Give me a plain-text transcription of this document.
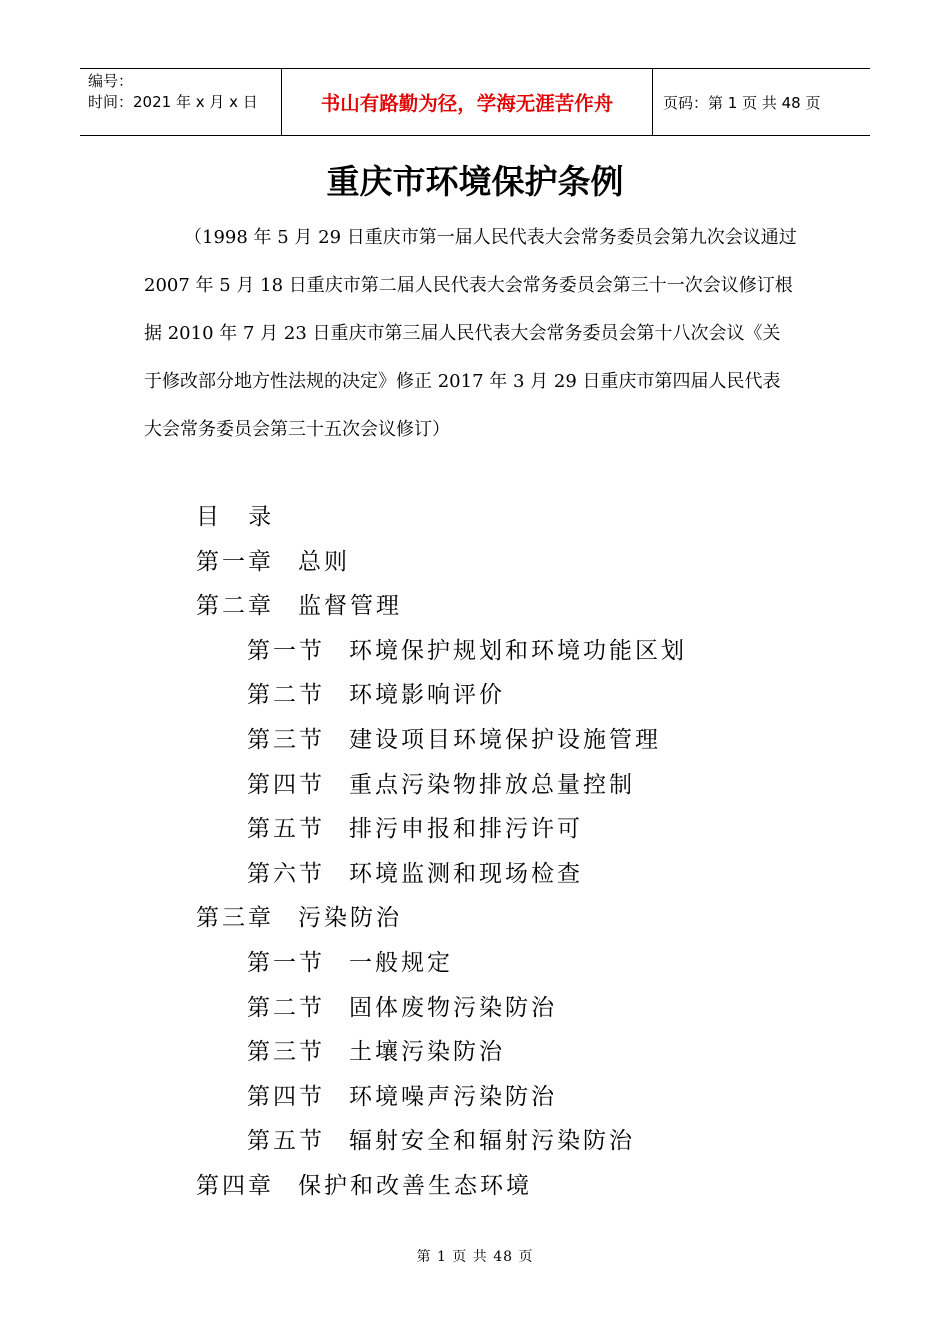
编号：
时间：2021 年 x 月 x 日	书山有路勤为径，学海无涯苦作舟	页码：第 1 页 共 48 页
重庆市环境保护条例
（1998 年 5 月 29 日重庆市第一届人民代表大会常务委员会第九次会议通过
2007 年 5 月 18 日重庆市第二届人民代表大会常务委员会第三十一次会议修订根
据 2010 年 7 月 23 日重庆市第三届人民代表大会常务委员会第十八次会议《关
于修改部分地方性法规的决定》修正 2017 年 3 月 29 日重庆市第四届人民代表
大会常务委员会第三十五次会议修订）
目    录
第一章 总则
第二章 监督管理
第一节 环境保护规划和环境功能区划
第二节 环境影响评价
第三节 建设项目环境保护设施管理
第四节 重点污染物排放总量控制
第五节 排污申报和排污许可
第六节 环境监测和现场检查
第三章 污染防治
第一节 一般规定
第二节 固体废物污染防治
第三节 土壤污染防治
第四节 环境噪声污染防治
第五节 辐射安全和辐射污染防治
第四章 保护和改善生态环境
第 1 页 共 48 页
